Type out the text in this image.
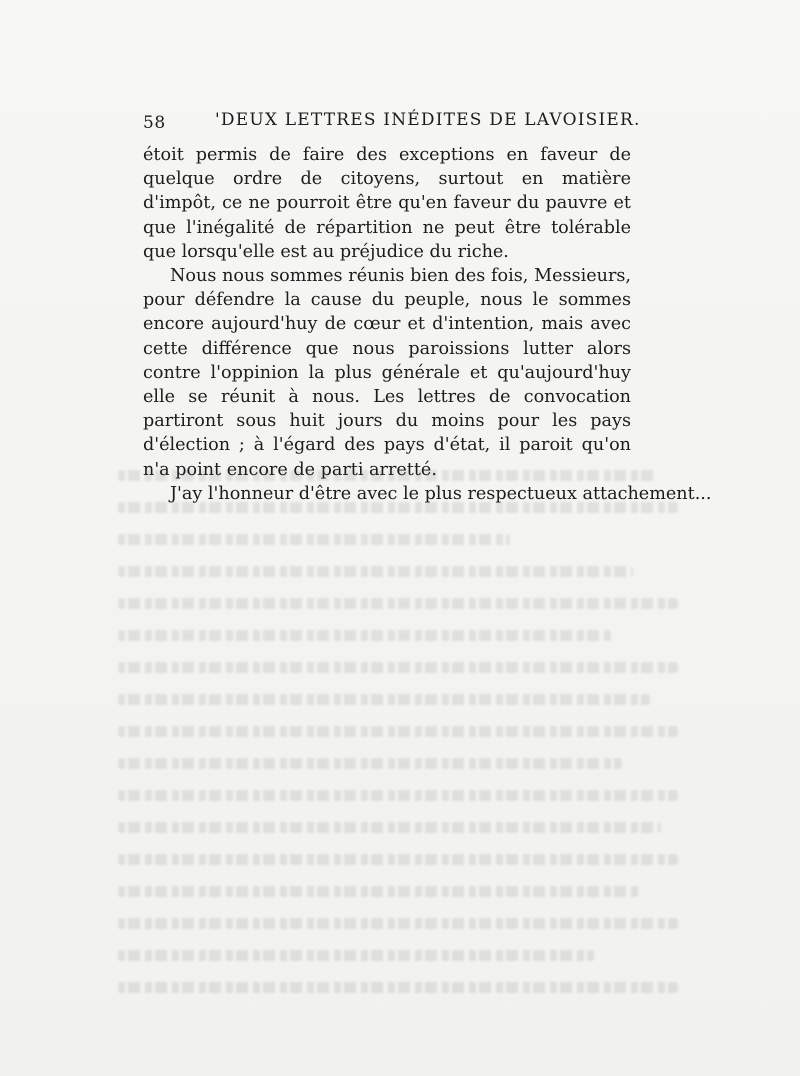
58	'DEUX LETTRES INÉDITES DE LAVOISIER.

étoit permis de faire des exceptions en faveur de quelque ordre de citoyens, surtout en matière d'impôt, ce ne pourroit être qu'en faveur du pauvre et que l'inégalité de répartition ne peut être tolérable que lorsqu'elle est au préjudice du riche.

Nous nous sommes réunis bien des fois, Messieurs, pour défendre la cause du peuple, nous le sommes encore aujourd'huy de cœur et d'intention, mais avec cette différence que nous paroissions lutter alors contre l'oppinion la plus générale et qu'aujourd'huy elle se réunit à nous. Les lettres de convocation partiront sous huit jours du moins pour les pays d'élection ; à l'égard des pays d'état, il paroit qu'on n'a point encore de parti arretté.

J'ay l'honneur d'être avec le plus respectueux attachement...
